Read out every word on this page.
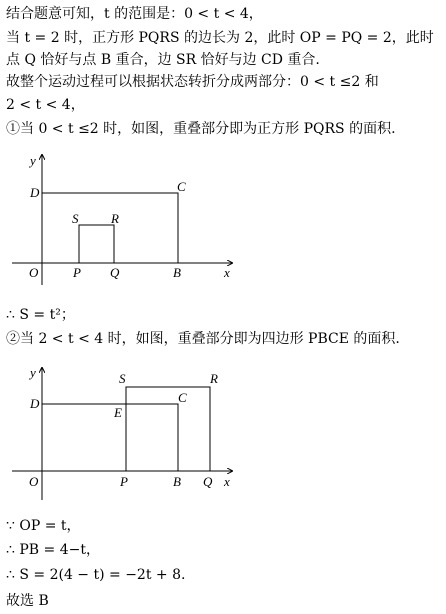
结合题意可知，t 的范围是：0 < t < 4，
当 t = 2 时，正方形 PQRS 的边长为 2，此时 OP = PQ = 2，此时
点 Q 恰好与点 B 重合，边 SR 恰好与边 CD 重合.
故整个运动过程可以根据状态转折分成两部分：0 < t ≤2 和
2 < t < 4，
①当 0 < t ≤2 时，如图，重叠部分即为正方形 PQRS 的面积.
y
D	C
S	R
O	P Q	B	x
∴ S = t²；
②当 2 < t < 4 时，如图，重叠部分即为四边形 PBCE 的面积.
y
D
S	R
C
E
O	P	B Q x
∵ OP = t，
∴ PB = 4−t，
∴ S = 2(4 − t) = −2t + 8.
故选 B
